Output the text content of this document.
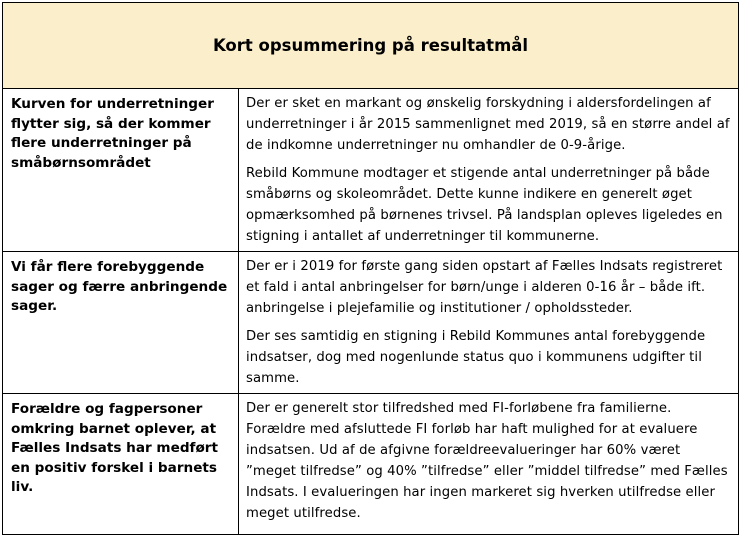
Kort opsummering på resultatmål	
Kurven for underretninger flytter sig, så der kommer flere underretninger på småbørnsområdet	Der er sket en markant og ønskelig forskydning i aldersfordelingen af underretninger i år 2015 sammenlignet med 2019, så en større andel af de indkomne underretninger nu omhandler de 0-9-årige.

Rebild Kommune modtager et stigende antal underretninger på både småbørns og skoleområdet. Dette kunne indikere en generelt øget opmærksomhed på børnenes trivsel. På landsplan opleves ligeledes en stigning i antallet af underretninger til kommunerne.

Vi får flere forebyggende sager og færre anbringende sager.	Der er i 2019 for første gang siden opstart af Fælles Indsats registreret et fald i antal anbringelser for børn/unge i alderen 0-16 år – både ift. anbringelse i plejefamilie og institutioner / opholdssteder.

Der ses samtidig en stigning i Rebild Kommunes antal forebyggende indsatser, dog med nogenlunde status quo i kommunens udgifter til samme.

Forældre og fagpersoner omkring barnet oplever, at Fælles Indsats har medført en positiv forskel i barnets liv.	Der er generelt stor tilfredshed med FI-forløbene fra familierne. Forældre med afsluttede FI forløb har haft mulighed for at evaluere indsatsen. Ud af de afgivne forældreevalueringer har 60% været ”meget tilfredse” og 40% ”tilfredse” eller ”middel tilfredse” med Fælles Indsats. I evalueringen har ingen markeret sig hverken utilfredse eller meget utilfredse.
